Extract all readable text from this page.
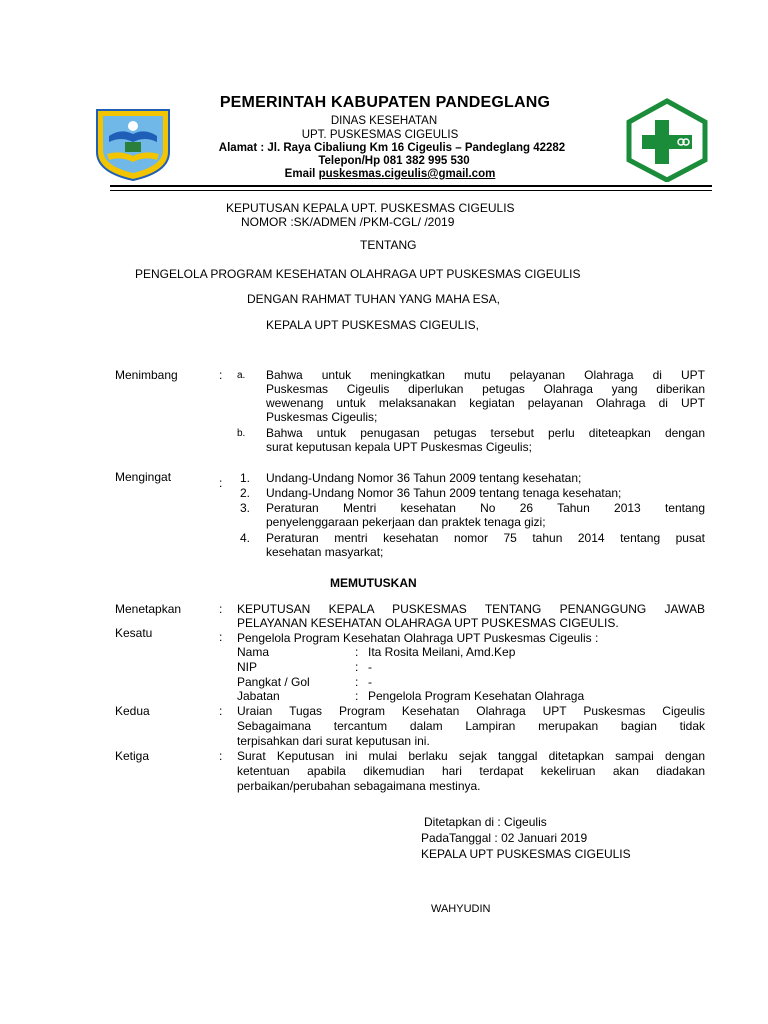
PEMERINTAH KABUPATEN PANDEGLANG
DINAS KESEHATAN
UPT. PUSKESMAS CIGEULIS
Alamat : Jl. Raya Cibaliung Km 16 Cigeulis – Pandeglang 42282
Telepon/Hp 081 382 995 530
Email puskesmas.cigeulis@gmail.com
KEPUTUSAN KEPALA UPT. PUSKESMAS CIGEULIS
NOMOR :SK/ADMEN /PKM-CGL/ /2019
TENTANG
PENGELOLA PROGRAM KESEHATAN OLAHRAGA UPT PUSKESMAS CIGEULIS
DENGAN RAHMAT TUHAN YANG MAHA ESA,
KEPALA UPT PUSKESMAS CIGEULIS,
Menimbang	: a. Bahwa untuk meningkatkan mutu pelayanan Olahraga di UPT
Puskesmas Cigeulis diperlukan petugas Olahraga yang diberikan
wewenang untuk melaksanakan kegiatan pelayanan Olahraga di UPT
Puskesmas Cigeulis;
b. Bahwa untuk penugasan petugas tersebut perlu diteteapkan dengan
surat keputusan kepala UPT Puskesmas Cigeulis;
Mengingat	: 1. Undang-Undang Nomor 36 Tahun 2009 tentang kesehatan;
2. Undang-Undang Nomor 36 Tahun 2009 tentang tenaga kesehatan;
3. Peraturan Mentri kesehatan No 26 Tahun 2013 tentang
penyelenggaraan pekerjaan dan praktek tenaga gizi;
4. Peraturan mentri kesehatan nomor 75 tahun 2014 tentang pusat
kesehatan masyarkat;
MEMUTUSKAN
Menetapkan	: KEPUTUSAN KEPALA PUSKESMAS TENTANG PENANGGUNG JAWAB
PELAYANAN KESEHATAN OLAHRAGA UPT PUSKESMAS CIGEULIS.
Kesatu	: Pengelola Program Kesehatan Olahraga UPT Puskesmas Cigeulis :
Nama	: Ita Rosita Meilani, Amd.Kep
NIP	: -
Pangkat / Gol	: -
Jabatan	: Pengelola Program Kesehatan Olahraga
Kedua	: Uraian Tugas Program Kesehatan Olahraga UPT Puskesmas Cigeulis
Sebagaimana tercantum dalam Lampiran merupakan bagian tidak
terpisahkan dari surat keputusan ini.
Ketiga	: Surat Keputusan ini mulai berlaku sejak tanggal ditetapkan sampai dengan
ketentuan apabila dikemudian hari terdapat kekeliruan akan diadakan
perbaikan/perubahan sebagaimana mestinya.
Ditetapkan di : Cigeulis
PadaTanggal : 02 Januari 2019
KEPALA UPT PUSKESMAS CIGEULIS
WAHYUDIN
